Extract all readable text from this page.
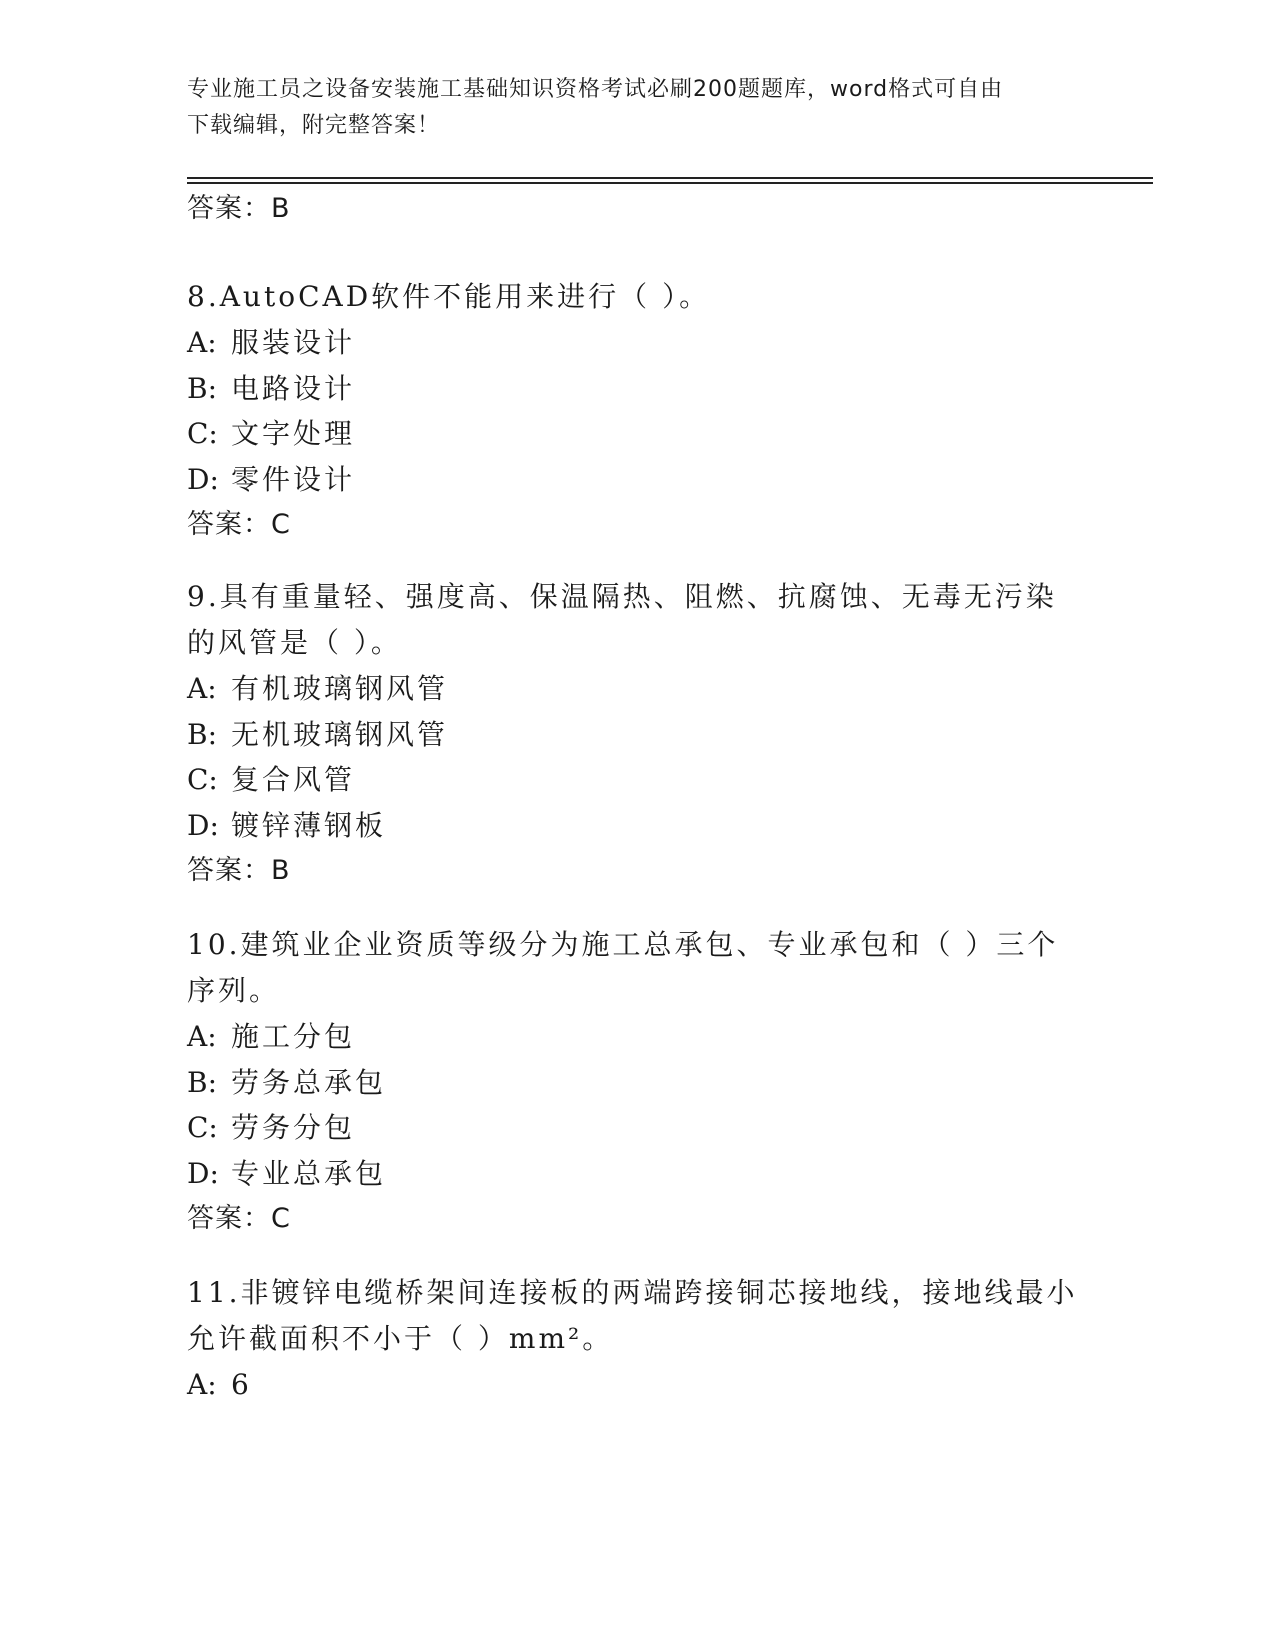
专业施工员之设备安装施工基础知识资格考试必刷200题题库，word格式可自由
下载编辑，附完整答案！
答案：B
8.AutoCAD软件不能用来进行（ ）。
A: 服装设计
B: 电路设计
C: 文字处理
D: 零件设计
答案：C
9.具有重量轻、强度高、保温隔热、阻燃、抗腐蚀、无毒无污染的风管是（ ）。
A: 有机玻璃钢风管
B: 无机玻璃钢风管
C: 复合风管
D: 镀锌薄钢板
答案：B
10.建筑业企业资质等级分为施工总承包、专业承包和（ ）三个序列。
A: 施工分包
B: 劳务总承包
C: 劳务分包
D: 专业总承包
答案：C
11.非镀锌电缆桥架间连接板的两端跨接铜芯接地线，接地线最小允许截面积不小于（ ）mm²。
A: 6
